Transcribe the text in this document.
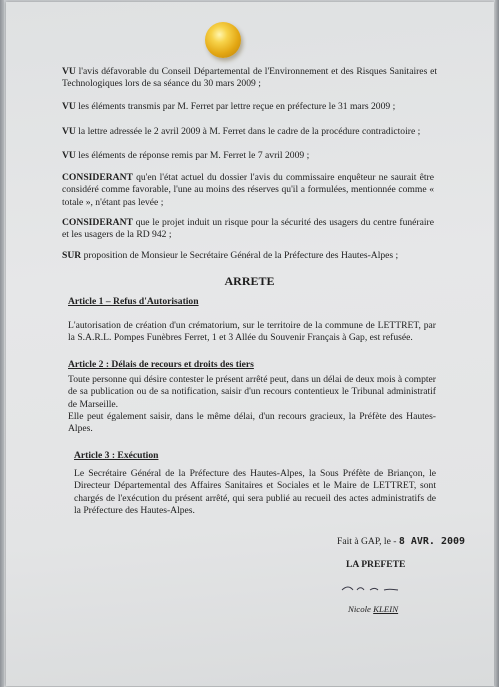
VU l'avis défavorable du Conseil Départemental de l'Environnement et des Risques Sanitaires et Technologiques lors de sa séance du 30 mars 2009 ;
VU les éléments transmis par M. Ferret par lettre reçue en préfecture le 31 mars 2009 ;
VU la lettre adressée le 2 avril 2009 à M. Ferret dans le cadre de la procédure contradictoire ;
VU les éléments de réponse remis par M. Ferret le 7 avril 2009 ;
CONSIDERANT qu'en l'état actuel du dossier l'avis du commissaire enquêteur ne saurait être considéré comme favorable, l'une au moins des réserves qu'il a formulées, mentionnée comme « totale », n'étant pas levée ;
CONSIDERANT que le projet induit un risque pour la sécurité des usagers du centre funéraire et les usagers de la RD 942 ;
SUR proposition de Monsieur le Secrétaire Général de la Préfecture des Hautes-Alpes ;
ARRETE
Article 1 – Refus d'Autorisation
L'autorisation de création d'un crématorium, sur le territoire de la commune de LETTRET, par la S.A.R.L. Pompes Funèbres Ferret, 1 et 3 Allée du Souvenir Français à Gap, est refusée.
Article 2 : Délais de recours et droits des tiers
Toute personne qui désire contester le présent arrêté peut, dans un délai de deux mois à compter de sa publication ou de sa notification, saisir d'un recours contentieux le Tribunal administratif de Marseille.
Elle peut également saisir, dans le même délai, d'un recours gracieux, la Préfète des Hautes-Alpes.
Article 3 : Exécution
Le Secrétaire Général de la Préfecture des Hautes-Alpes, la Sous Préfète de Briançon, le Directeur Départemental des Affaires Sanitaires et Sociales et le Maire de LETTRET, sont chargés de l'exécution du présent arrêté, qui sera publié au recueil des actes administratifs de la Préfecture des Hautes-Alpes.
Fait à GAP, le - 8 AVR. 2009
LA PREFETE
Nicole KLEIN
